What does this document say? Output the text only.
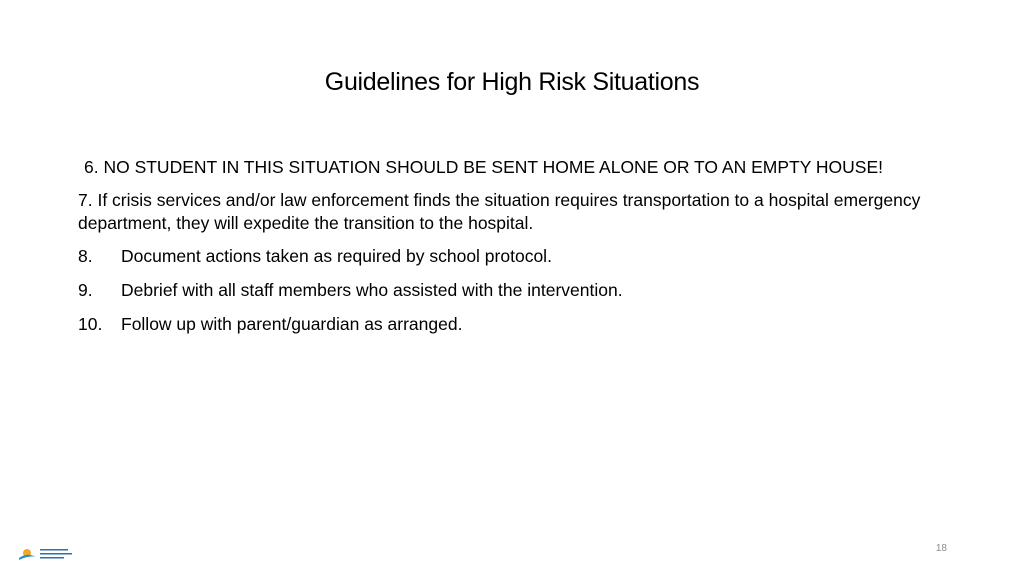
Guidelines for High Risk Situations

6. NO STUDENT IN THIS SITUATION SHOULD BE SENT HOME ALONE OR TO AN EMPTY HOUSE!

7. If crisis services and/or law enforcement finds the situation requires transportation to a hospital emergency department, they will expedite the transition to the hospital.

8.	Document actions taken as required by school protocol.
9.	Debrief with all staff members who assisted with the intervention.
10.	Follow up with parent/guardian as arranged.
18
